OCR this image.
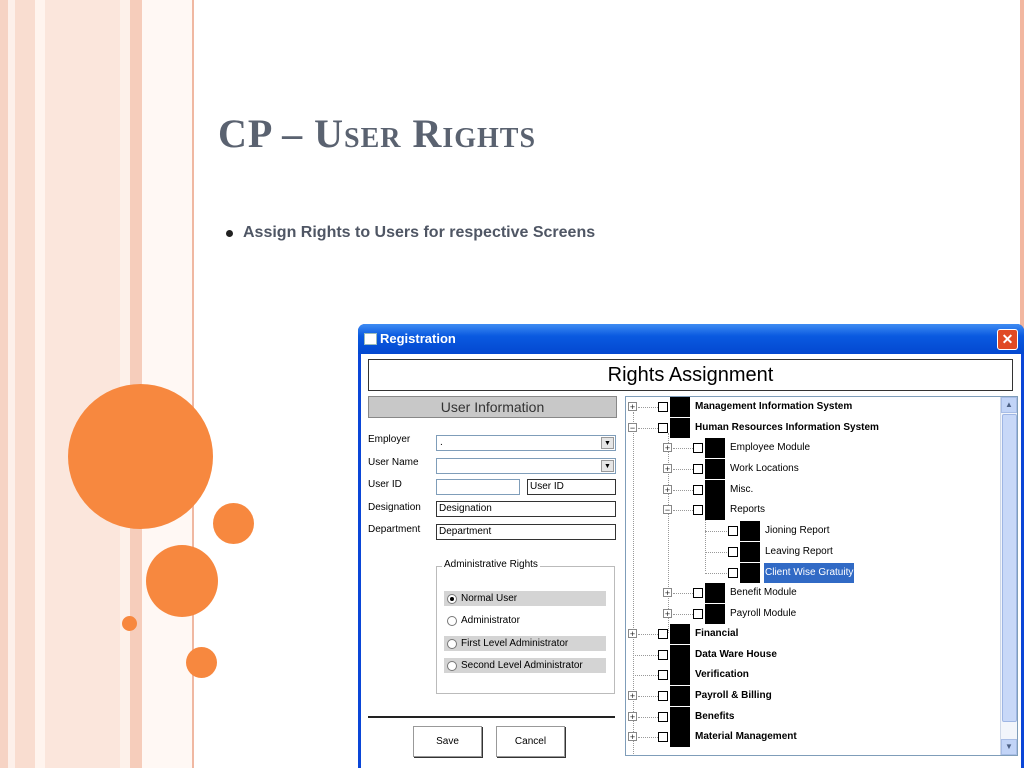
CP – User Rights
Assign Rights to Users for respective Screens
Registration	✕
Rights Assignment
User Information
Employer	.	▼
User Name	▼
User ID	User ID
Designation	Designation
Department	Department
Administrative Rights
Normal User
Administrator
First Level Administrator
Second Level Administrator
Save	Cancel
+	Management Information System
−	Human Resources Information System
+	Employee Module
+	Work Locations
+	Misc.
−	Reports
Jioning Report
Leaving Report
Client Wise Gratuity
+	Benefit Module
+	Payroll Module
+	Financial
Data Ware House
Verification
+	Payroll & Billing
+	Benefits
+	Material Management
▲
▼
